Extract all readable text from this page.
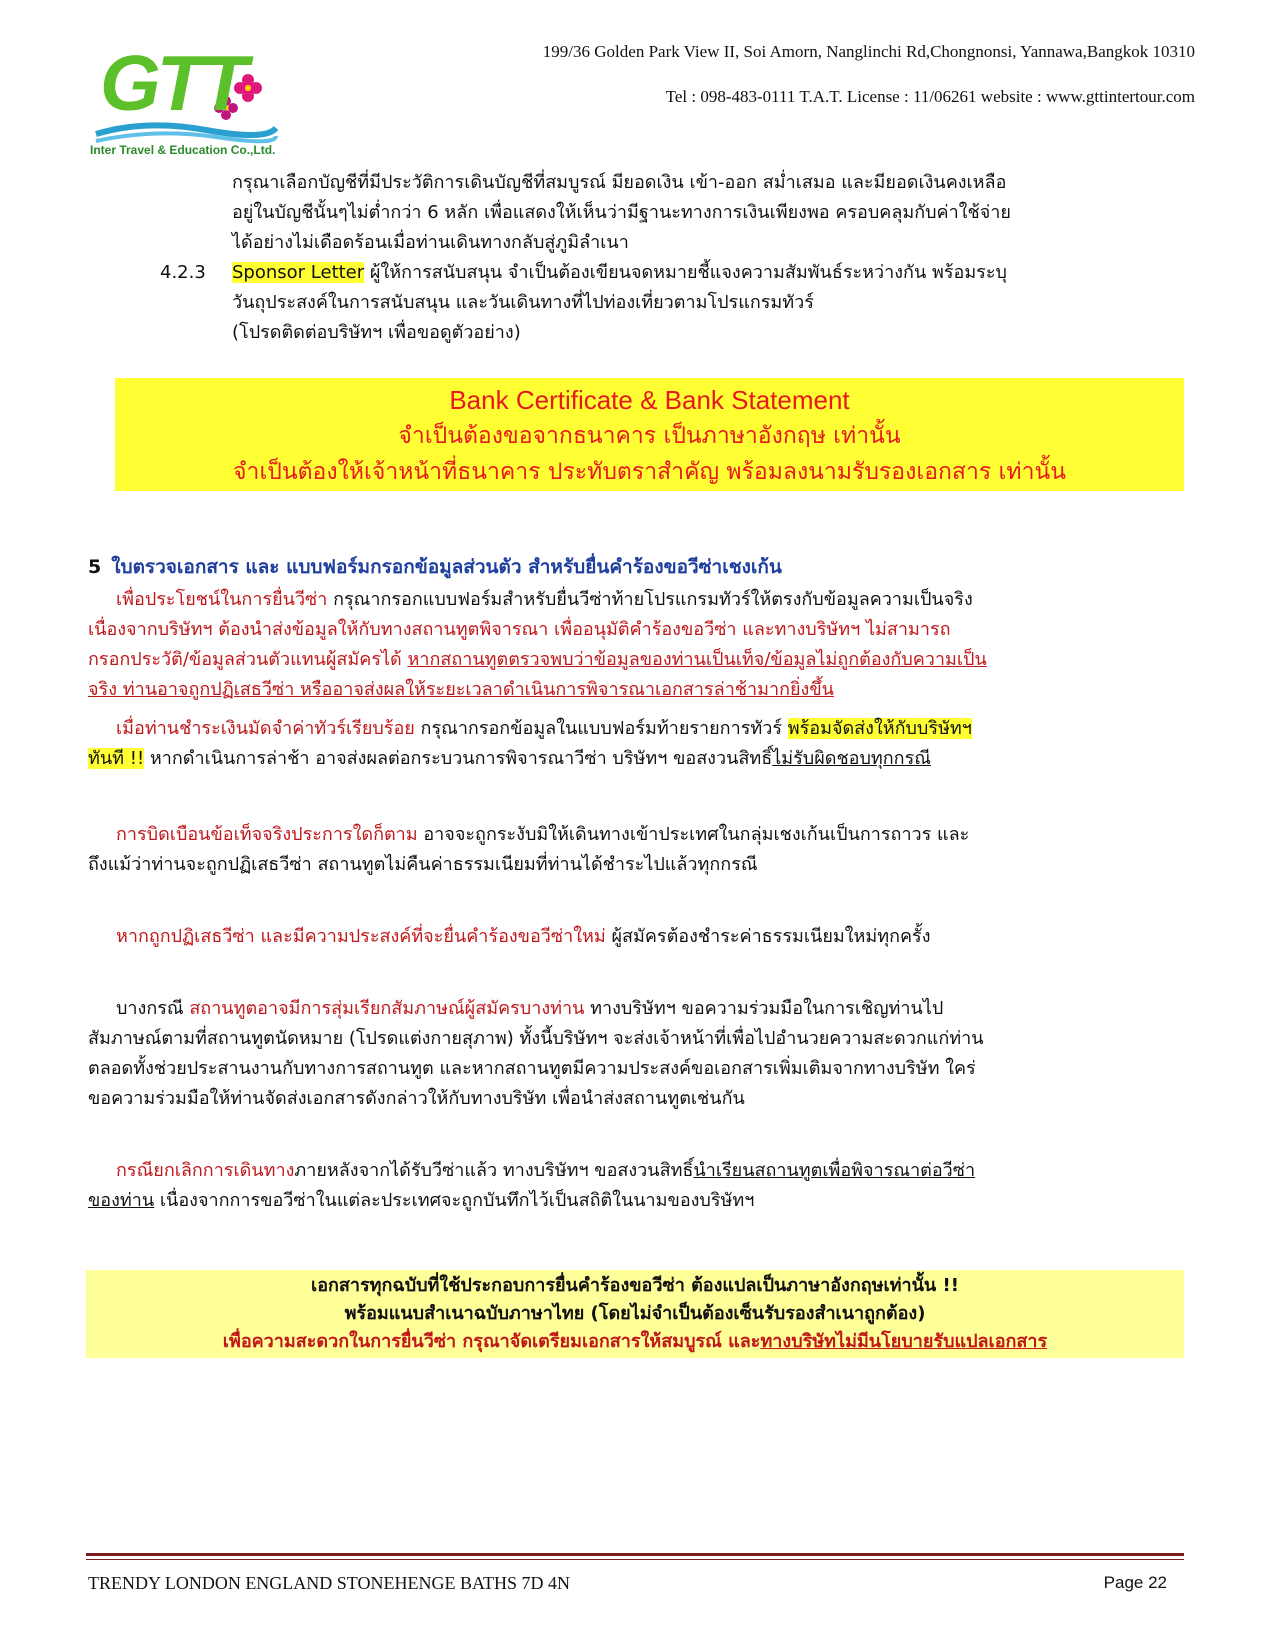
GTT
Inter Travel & Education Co.,Ltd.
199/36 Golden Park View II, Soi Amorn, Nanglinchi Rd,Chongnonsi, Yannawa,Bangkok 10310
Tel : 098-483-0111 T.A.T. License : 11/06261 website : www.gttintertour.com
กรุณาเลือกบัญชีที่มีประวัติการเดินบัญชีที่สมบูรณ์ มียอดเงิน เข้า-ออก สม่ำเสมอ และมียอดเงินคงเหลือ
อยู่ในบัญชีนั้นๆไม่ต่ำกว่า 6 หลัก เพื่อแสดงให้เห็นว่ามีฐานะทางการเงินเพียงพอ ครอบคลุมกับค่าใช้จ่าย
ได้อย่างไม่เดือดร้อนเมื่อท่านเดินทางกลับสู่ภูมิลำเนา
4.2.3 Sponsor Letter ผู้ให้การสนับสนุน จำเป็นต้องเขียนจดหมายชี้แจงความสัมพันธ์ระหว่างกัน พร้อมระบุ
วันถุประสงค์ในการสนับสนุน และวันเดินทางที่ไปท่องเที่ยวตามโปรแกรมทัวร์
(โปรดติดต่อบริษัทฯ เพื่อขอดูตัวอย่าง)
Bank Certificate & Bank Statement
จำเป็นต้องขอจากธนาคาร เป็นภาษาอังกฤษ เท่านั้น
จำเป็นต้องให้เจ้าหน้าที่ธนาคาร ประทับตราสำคัญ พร้อมลงนามรับรองเอกสาร เท่านั้น
5 ใบตรวจเอกสาร และ แบบฟอร์มกรอกข้อมูลส่วนตัว สำหรับยื่นคำร้องขอวีซ่าเชงเก้น
เพื่อประโยชน์ในการยื่นวีซ่า กรุณากรอกแบบฟอร์มสำหรับยื่นวีซ่าท้ายโปรแกรมทัวร์ให้ตรงกับข้อมูลความเป็นจริง
เนื่องจากบริษัทฯ ต้องนำส่งข้อมูลให้กับทางสถานทูตพิจารณา เพื่ออนุมัติคำร้องขอวีซ่า และทางบริษัทฯ ไม่สามารถ
กรอกประวัติ/ข้อมูลส่วนตัวแทนผู้สมัครได้ หากสถานทูตตรวจพบว่าข้อมูลของท่านเป็นเท็จ/ข้อมูลไม่ถูกต้องกับความเป็น
จริง ท่านอาจถูกปฏิเสธวีซ่า หรืออาจส่งผลให้ระยะเวลาดำเนินการพิจารณาเอกสารล่าช้ามากยิ่งขึ้น
เมื่อท่านชำระเงินมัดจำค่าทัวร์เรียบร้อย กรุณากรอกข้อมูลในแบบฟอร์มท้ายรายการทัวร์ พร้อมจัดส่งให้กับบริษัทฯ
ทันที !! หากดำเนินการล่าช้า อาจส่งผลต่อกระบวนการพิจารณาวีซ่า บริษัทฯ ขอสงวนสิทธิ์ไม่รับผิดชอบทุกกรณี
การบิดเบือนข้อเท็จจริงประการใดก็ตาม อาจจะถูกระงับมิให้เดินทางเข้าประเทศในกลุ่มเชงเก้นเป็นการถาวร และ
ถึงแม้ว่าท่านจะถูกปฏิเสธวีซ่า สถานทูตไม่คืนค่าธรรมเนียมที่ท่านได้ชำระไปแล้วทุกกรณี
หากถูกปฏิเสธวีซ่า และมีความประสงค์ที่จะยื่นคำร้องขอวีซ่าใหม่ ผู้สมัครต้องชำระค่าธรรมเนียมใหม่ทุกครั้ง
บางกรณี สถานทูตอาจมีการสุ่มเรียกสัมภาษณ์ผู้สมัครบางท่าน ทางบริษัทฯ ขอความร่วมมือในการเชิญท่านไป
สัมภาษณ์ตามที่สถานทูตนัดหมาย (โปรดแต่งกายสุภาพ) ทั้งนี้บริษัทฯ จะส่งเจ้าหน้าที่เพื่อไปอำนวยความสะดวกแก่ท่าน
ตลอดทั้งช่วยประสานงานกับทางการสถานทูต และหากสถานทูตมีความประสงค์ขอเอกสารเพิ่มเติมจากทางบริษัท ใคร่
ขอความร่วมมือให้ท่านจัดส่งเอกสารดังกล่าวให้กับทางบริษัท เพื่อนำส่งสถานทูตเช่นกัน
กรณียกเลิกการเดินทางภายหลังจากได้รับวีซ่าแล้ว ทางบริษัทฯ ขอสงวนสิทธิ์นำเรียนสถานทูตเพื่อพิจารณาต่อวีซ่า
ของท่าน เนื่องจากการขอวีซ่าในแต่ละประเทศจะถูกบันทึกไว้เป็นสถิติในนามของบริษัทฯ
เอกสารทุกฉบับที่ใช้ประกอบการยื่นคำร้องขอวีซ่า ต้องแปลเป็นภาษาอังกฤษเท่านั้น !!
พร้อมแนบสำเนาฉบับภาษาไทย (โดยไม่จำเป็นต้องเซ็นรับรองสำเนาถูกต้อง)
เพื่อความสะดวกในการยื่นวีซ่า กรุณาจัดเตรียมเอกสารให้สมบูรณ์ และทางบริษัทไม่มีนโยบายรับแปลเอกสาร
TRENDY LONDON ENGLAND STONEHENGE BATHS 7D 4N	Page 22
